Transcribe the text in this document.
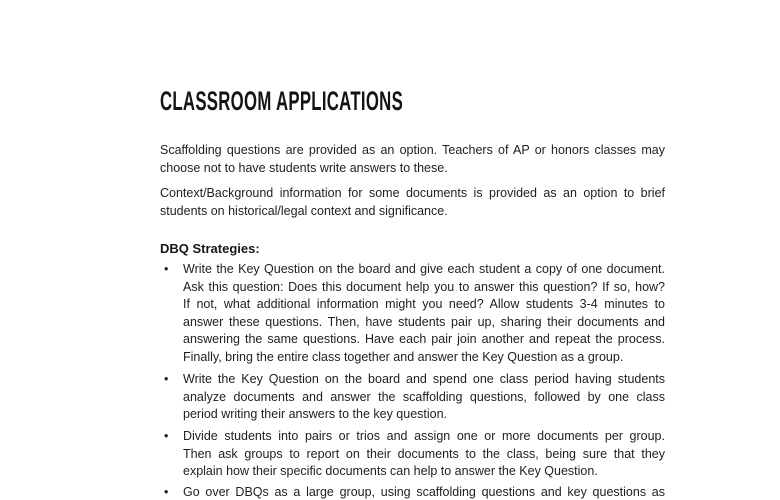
CLASSROOM APPLICATIONS
Scaffolding questions are provided as an option. Teachers of AP or honors classes may
choose not to have students write answers to these.
Context/Background information for some documents is provided as an option to brief
students on historical/legal context and significance.
DBQ Strategies:
• Write the Key Question on the board and give each student a copy of one document.
Ask this question: Does this document help you to answer this question? If so, how?
If not, what additional information might you need? Allow students 3-4 minutes to
answer these questions. Then, have students pair up, sharing their documents and
answering the same questions. Have each pair join another and repeat the process.
Finally, bring the entire class together and answer the Key Question as a group.
• Write the Key Question on the board and spend one class period having students
analyze documents and answer the scaffolding questions, followed by one class
period writing their answers to the key question.
• Divide students into pairs or trios and assign one or more documents per group.
Then ask groups to report on their documents to the class, being sure that they
explain how their specific documents can help to answer the Key Question.
• Go over DBQs as a large group, using scaffolding questions and key questions as
